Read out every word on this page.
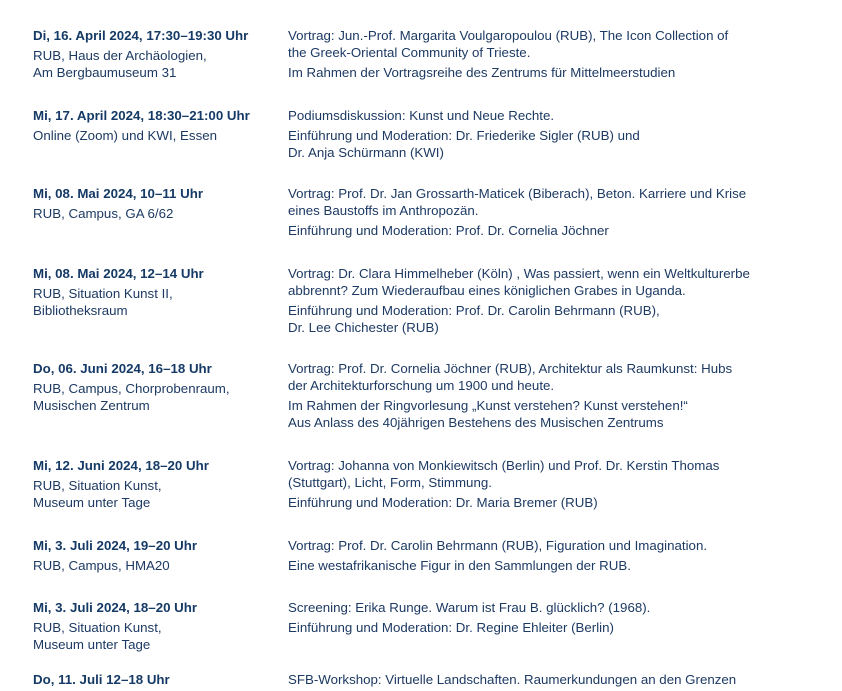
Di, 16. April 2024, 17:30–19:30 Uhr
RUB, Haus der Archäologien,
Am Bergbaumuseum 31
Vortrag: Jun.-Prof. Margarita Voulgaropoulou (RUB), The Icon Collection of
the Greek-Oriental Community of Trieste.
Im Rahmen der Vortragsreihe des Zentrums für Mittelmeerstudien
Mi, 17. April 2024, 18:30–21:00 Uhr
Online (Zoom) und KWI, Essen
Podiumsdiskussion: Kunst und Neue Rechte.
Einführung und Moderation: Dr. Friederike Sigler (RUB) und
Dr. Anja Schürmann (KWI)
Mi, 08. Mai 2024, 10–11 Uhr
RUB, Campus, GA 6/62
Vortrag: Prof. Dr. Jan Grossarth-Maticek (Biberach), Beton. Karriere und Krise
eines Baustoffs im Anthropozän.
Einführung und Moderation: Prof. Dr. Cornelia Jöchner
Mi, 08. Mai 2024, 12–14 Uhr
RUB, Situation Kunst II,
Bibliotheksraum
Vortrag: Dr. Clara Himmelheber (Köln) , Was passiert, wenn ein Weltkulturerbe
abbrennt? Zum Wiederaufbau eines königlichen Grabes in Uganda.
Einführung und Moderation: Prof. Dr. Carolin Behrmann (RUB),
Dr. Lee Chichester (RUB)
Do, 06. Juni 2024, 16–18 Uhr
RUB, Campus, Chorprobenraum,
Musischen Zentrum
Vortrag: Prof. Dr. Cornelia Jöchner (RUB), Architektur als Raumkunst: Hubs
der Architekturforschung um 1900 und heute.
Im Rahmen der Ringvorlesung „Kunst verstehen? Kunst verstehen!“
Aus Anlass des 40jährigen Bestehens des Musischen Zentrums
Mi, 12. Juni 2024, 18–20 Uhr
RUB, Situation Kunst,
Museum unter Tage
Vortrag: Johanna von Monkiewitsch (Berlin) und Prof. Dr. Kerstin Thomas
(Stuttgart), Licht, Form, Stimmung.
Einführung und Moderation: Dr. Maria Bremer (RUB)
Mi, 3. Juli 2024, 19–20 Uhr
RUB, Campus, HMA20
Vortrag: Prof. Dr. Carolin Behrmann (RUB), Figuration und Imagination.
Eine westafrikanische Figur in den Sammlungen der RUB.
Mi, 3. Juli 2024, 18–20 Uhr
RUB, Situation Kunst,
Museum unter Tage
Screening: Erika Runge. Warum ist Frau B. glücklich? (1968).
Einführung und Moderation: Dr. Regine Ehleiter (Berlin)
Do, 11. Juli 12–18 Uhr	SFB-Workshop: Virtuelle Landschaften. Raumerkundungen an den Grenzen
